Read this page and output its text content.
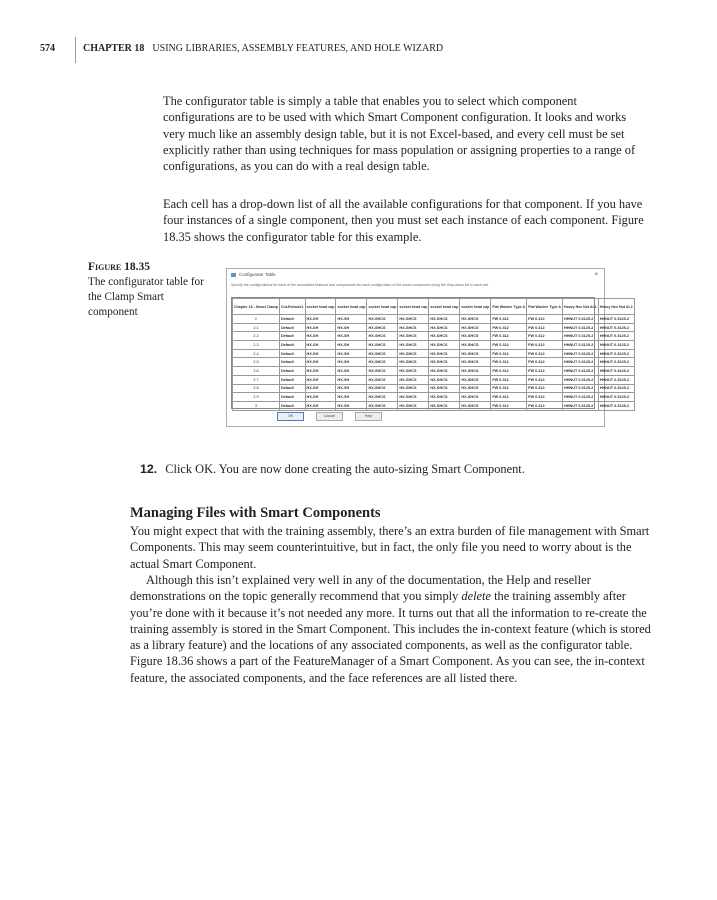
574	CHAPTER 18 USING LIBRARIES, ASSEMBLY FEATURES, AND HOLE WIZARD

The configurator table is simply a table that enables you to select which component configurations are to be used with which Smart Component configuration. It looks and works very much like an assembly design table, but it is not Excel-based, and every cell must be set explicitly rather than using techniques for mass population or assigning properties to a range of configurations, as you can do with a real design table.

Each cell has a drop-down list of all the available configurations for that component. If you have four instances of a single component, then you must set each instance of each component. Figure 18.35 shows the configurator table for this example.

Figure 18.35
The configurator table for the Clamp Smart component
Configurator Table	×
Specify the configurations for each of the associated features and components for each configuration of the smart component using the drop-down list in each cell.
Chapter 18 - Smart Clamp	Cut-Extrude1	socket head cap	socket head cap	socket head cap	socket head cap	socket head cap	socket head cap	Flat Washer Type A	Flat Washer Type A	Heavy Hex Nut AI-1	Heavy Hex Nut AI-2
2	Default	HX-SH	HX-SH	HX-SHCS	HX-SHCS	HX-SHCS	HX-SHCS	FW 0.312	FW 0.312	HHNUT 0.3125-2	HHNUT 0.3125-2
2.1	Default	HX-SH	HX-SH	HX-SHCS	HX-SHCS	HX-SHCS	HX-SHCS	FW 0.312	FW 0.312	HHNUT 0.3125-2	HHNUT 0.3125-2
2.2	Default	HX-SH	HX-SH	HX-SHCS	HX-SHCS	HX-SHCS	HX-SHCS	FW 0.312	FW 0.312	HHNUT 0.3125-2	HHNUT 0.3125-2
2.3	Default	HX-SH	HX-SH	HX-SHCS	HX-SHCS	HX-SHCS	HX-SHCS	FW 0.312	FW 0.312	HHNUT 0.3125-2	HHNUT 0.3125-2
2.4	Default	HX-SH	HX-SH	HX-SHCS	HX-SHCS	HX-SHCS	HX-SHCS	FW 0.312	FW 0.312	HHNUT 0.3125-2	HHNUT 0.3125-2
2.5	Default	HX-SH	HX-SH	HX-SHCS	HX-SHCS	HX-SHCS	HX-SHCS	FW 0.312	FW 0.312	HHNUT 0.3125-2	HHNUT 0.3125-2
2.6	Default	HX-SH	HX-SH	HX-SHCS	HX-SHCS	HX-SHCS	HX-SHCS	FW 0.312	FW 0.312	HHNUT 0.3125-2	HHNUT 0.3125-2
2.7	Default	HX-SH	HX-SH	HX-SHCS	HX-SHCS	HX-SHCS	HX-SHCS	FW 0.312	FW 0.312	HHNUT 0.3125-2	HHNUT 0.3125-2
2.8	Default	HX-SH	HX-SH	HX-SHCS	HX-SHCS	HX-SHCS	HX-SHCS	FW 0.312	FW 0.312	HHNUT 0.3125-2	HHNUT 0.3125-2
2.9	Default	HX-SH	HX-SH	HX-SHCS	HX-SHCS	HX-SHCS	HX-SHCS	FW 0.312	FW 0.312	HHNUT 0.3125-2	HHNUT 0.3125-2
3	Default	HX-SH	HX-SH	HX-SHCS	HX-SHCS	HX-SHCS	HX-SHCS	FW 0.312	FW 0.312	HHNUT 0.3125-2	HHNUT 0.3125-2
OK	Cancel	Help
12. Click OK. You are now done creating the auto-sizing Smart Component.
Managing Files with Smart Components

You might expect that with the training assembly, there’s an extra burden of file management with Smart Components. This may seem counterintuitive, but in fact, the only file you need to worry about is the actual Smart Component.

Although this isn’t explained very well in any of the documentation, the Help and reseller demonstrations on the topic generally recommend that you simply delete the training assembly after you’re done with it because it’s not needed any more. It turns out that all the information to re-create the training assembly is stored in the Smart Component. This includes the in-context feature (which is stored as a library feature) and the locations of any associated components, as well as the configurator table. Figure 18.36 shows a part of the FeatureManager of a Smart Component. As you can see, the in-context feature, the associated components, and the face references are all listed there.
